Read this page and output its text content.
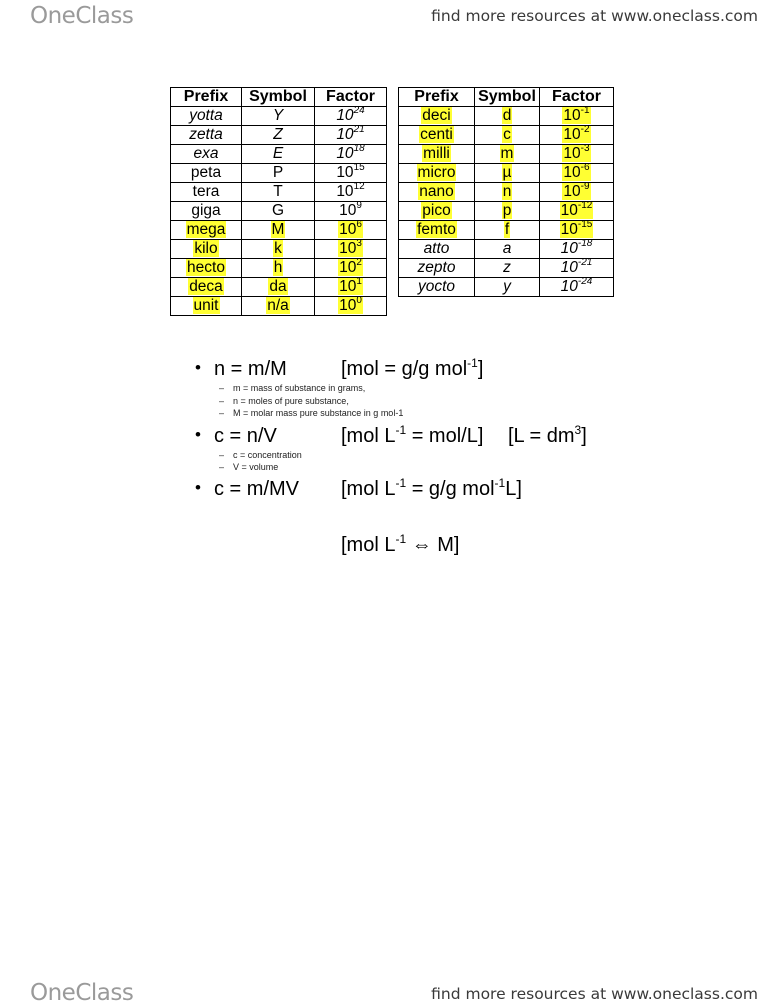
OneClass	find more resources at www.oneclass.com
Prefix	Symbol	Factor
yotta	Y	$10^{24}$
zetta	Z	$10^{21}$
exa	E	$10^{18}$
peta	P	$10^{15}$
tera	T	$10^{12}$
giga	G	$10^9$
mega	M	$10^6$
kilo	k	$10^3$
hecto	h	$10^2$
deca	da	$10^1$
unit	n/a	$10^0$
Prefix	Symbol	Factor
deci	d	$10^{-1}$
centi	c	$10^{-2}$
milli	m	$10^{-3}$
micro	µ	$10^{-6}$
nano	n	$10^{-9}$
pico	p	$10^{-12}$
femto	f	$10^{-15}$
atto	a	$10^{-18}$
zepto	z	$10^{-21}$
yocto	y	$10^{-24}$
• n = m/M	[mol = g/g mol$^{-1}$]
– m = mass of substance in grams,
– n = moles of pure substance,
– M = molar mass pure substance in g mol-1
• c = n/V	[mol $L^{-1} = mol/L$] $[L = dm^3]$
– c = concentration
– V = volume
• c = m/MV [mol $L^{-1} = g/g$ mol$^{-1}$L]
[mol $L^{-1}$ ⇔ M]
OneClass	find more resources at www.oneclass.com
